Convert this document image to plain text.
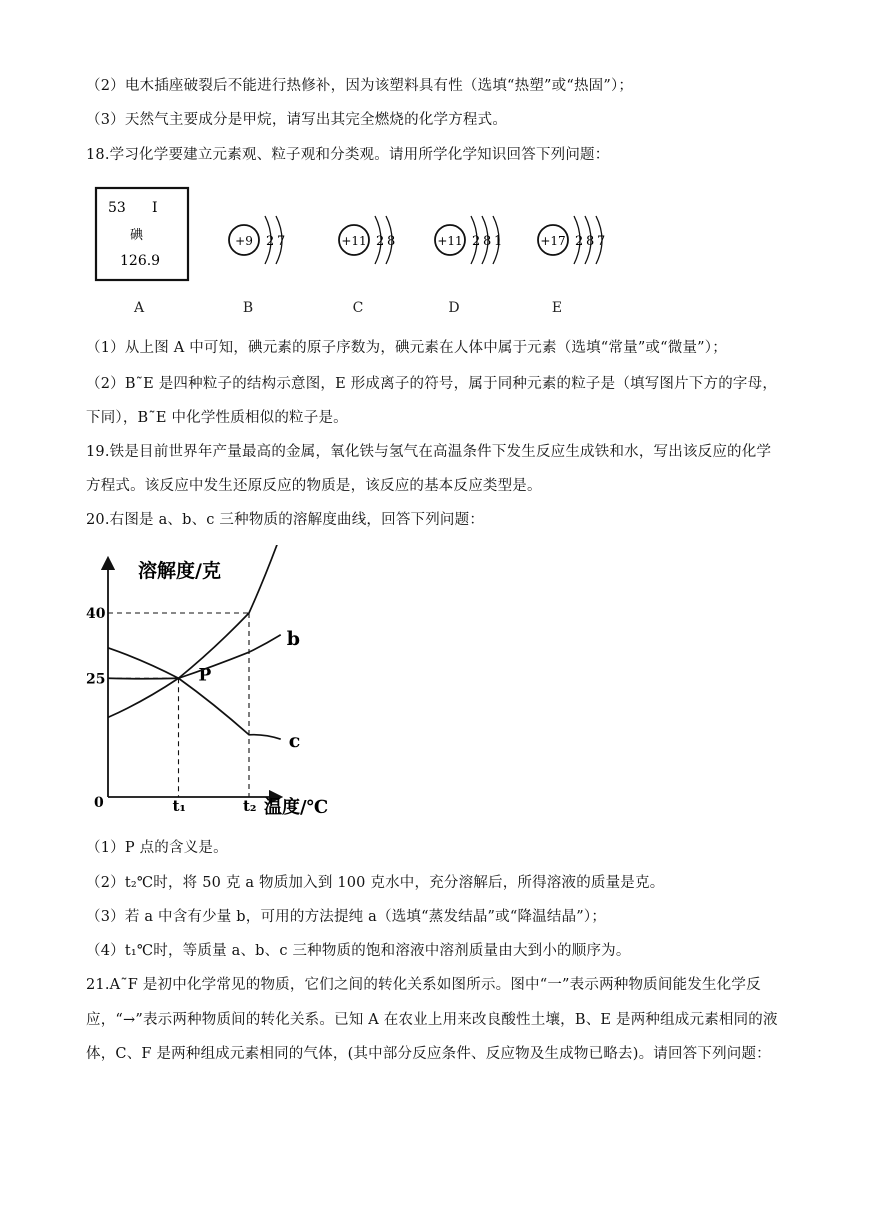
（2）电木插座破裂后不能进行热修补，因为该塑料具有性（选填“热塑”或“热固”）；
（3）天然气主要成分是甲烷，请写出其完全燃烧的化学方程式。
18.学习化学要建立元素观、粒子观和分类观。请用所学化学知识回答下列问题：
53 I
碘
126.9
A
+9 2 7
B
+11 2 8
C
+11 2 8 1
D
+17 2 8 7
E
（1）从上图 A 中可知，碘元素的原子序数为，碘元素在人体中属于元素（选填“常量”或“微量”）；
（2）B˜E 是四种粒子的结构示意图，E 形成离子的符号，属于同种元素的粒子是（填写图片下方的字母，
下同），B˜E 中化学性质相似的粒子是。
19.铁是目前世界年产量最高的金属，氧化铁与氢气在高温条件下发生反应生成铁和水，写出该反应的化学
方程式。该反应中发生还原反应的物质是，该反应的基本反应类型是。
20.右图是 a、b、c 三种物质的溶解度曲线，回答下列问题：
溶解度/克
温度/℃
0
25
40
t₁	t₂
P
b
c
（1）P 点的含义是。
（2）t₂℃时，将 50 克 a 物质加入到 100 克水中，充分溶解后，所得溶液的质量是克。
（3）若 a 中含有少量 b，可用的方法提纯 a（选填“蒸发结晶”或“降温结晶”）；
（4）t₁℃时，等质量 a、b、c 三种物质的饱和溶液中溶剂质量由大到小的顺序为。
21.A˜F 是初中化学常见的物质，它们之间的转化关系如图所示。图中“一”表示两种物质间能发生化学反
应，“→”表示两种物质间的转化关系。已知 A 在农业上用来改良酸性土壤，B、E 是两种组成元素相同的液
体，C、F 是两种组成元素相同的气体，(其中部分反应条件、反应物及生成物已略去)。请回答下列问题：
